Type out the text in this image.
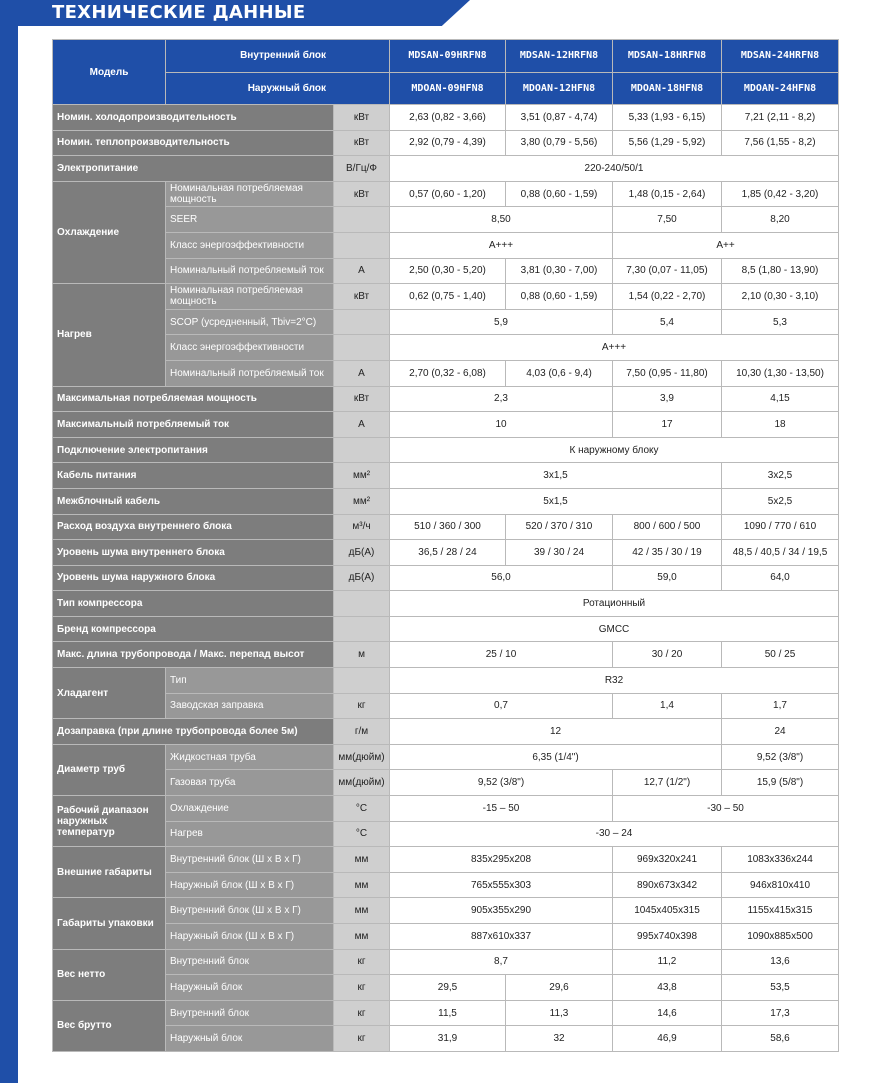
ТЕХНИЧЕСКИЕ ДАННЫЕ
Модель	Внутренний блок		MDSAN-09HRFN8	MDSAN-12HRFN8	MDSAN-18HRFN8	MDSAN-24HRFN8
	Наружный блок		MDOAN-09HFN8	MDOAN-12HFN8	MDOAN-18HFN8	MDOAN-24HFN8
Номин. холодопроизводительность		кВт	2,63 (0,82 - 3,66)	3,51 (0,87 - 4,74)	5,33 (1,93 - 6,15)	7,21 (2,11 - 8,2)
Номин. теплопроизводительность		кВт	2,92 (0,79 - 4,39)	3,80 (0,79 - 5,56)	5,56 (1,29 - 5,92)	7,56 (1,55 - 8,2)
Электропитание		В/Гц/Ф	220-240/50/1			
Охлаждение	Номинальная потребляемая мощность	кВт	0,57 (0,60 - 1,20)	0,88 (0,60 - 1,59)	1,48 (0,15 - 2,64)	1,85 (0,42 - 3,20)
	SEER		8,50		7,50	8,20
	Класс энергоэффективности		A+++		A++	
	Номинальный потребляемый ток	А	2,50 (0,30 - 5,20)	3,81 (0,30 - 7,00)	7,30 (0,07 - 11,05)	8,5 (1,80 - 13,90)
Нагрев	Номинальная потребляемая мощность	кВт	0,62 (0,75 - 1,40)	0,88 (0,60 - 1,59)	1,54 (0,22 - 2,70)	2,10 (0,30 - 3,10)
	SCOP (усредненный, Tbiv=2°C)		5,9		5,4	5,3
	Класс энергоэффективности		A+++			
	Номинальный потребляемый ток	А	2,70 (0,32 - 6,08)	4,03 (0,6 - 9,4)	7,50 (0,95 - 11,80)	10,30 (1,30 - 13,50)
Максимальная потребляемая мощность		кВт	2,3		3,9	4,15
Максимальный потребляемый ток		А	10		17	18
Подключение электропитания			К наружному блоку			
Кабель питания		мм²	3x1,5			3x2,5
Межблочный кабель		мм²	5x1,5			5x2,5
Расход воздуха внутреннего блока		м³/ч	510 / 360 / 300	520 / 370 / 310	800 / 600 / 500	1090 / 770 / 610
Уровень шума внутреннего блока		дБ(А)	36,5 / 28 / 24	39 / 30 / 24	42 / 35 / 30 / 19	48,5 / 40,5 / 34 / 19,5
Уровень шума наружного блока		дБ(А)	56,0		59,0	64,0
Тип компрессора			Ротационный			
Бренд компрессора			GMCC			
Макс. длина трубопровода / Макс. перепад высот		м	25 / 10		30 / 20	50 / 25
Хладагент	Тип		R32			
	Заводская заправка	кг	0,7		1,4	1,7
Дозаправка (при длине трубопровода более 5м)		г/м	12			24
Диаметр труб	Жидкостная труба	мм(дюйм)	6,35 (1/4")			9,52 (3/8")
	Газовая труба	мм(дюйм)	9,52 (3/8")		12,7 (1/2")	15,9 (5/8")
Рабочий диапазон наружных температур	Охлаждение	°С	-15 – 50		-30 – 50	
	Нагрев	°С	-30 – 24			
Внешние габариты	Внутренний блок (Ш х В х Г)	мм	835x295x208		969x320x241	1083x336x244
	Наружный блок (Ш х В х Г)	мм	765x555x303		890x673x342	946x810x410
Габариты упаковки	Внутренний блок (Ш х В х Г)	мм	905x355x290		1045x405x315	1155x415x315
	Наружный блок (Ш х В х Г)	мм	887x610x337		995x740x398	1090x885x500
Вес нетто	Внутренний блок	кг	8,7		11,2	13,6
	Наружный блок	кг	29,5	29,6	43,8	53,5
Вес брутто	Внутренний блок	кг	11,5	11,3	14,6	17,3
	Наружный блок	кг	31,9	32	46,9	58,6
